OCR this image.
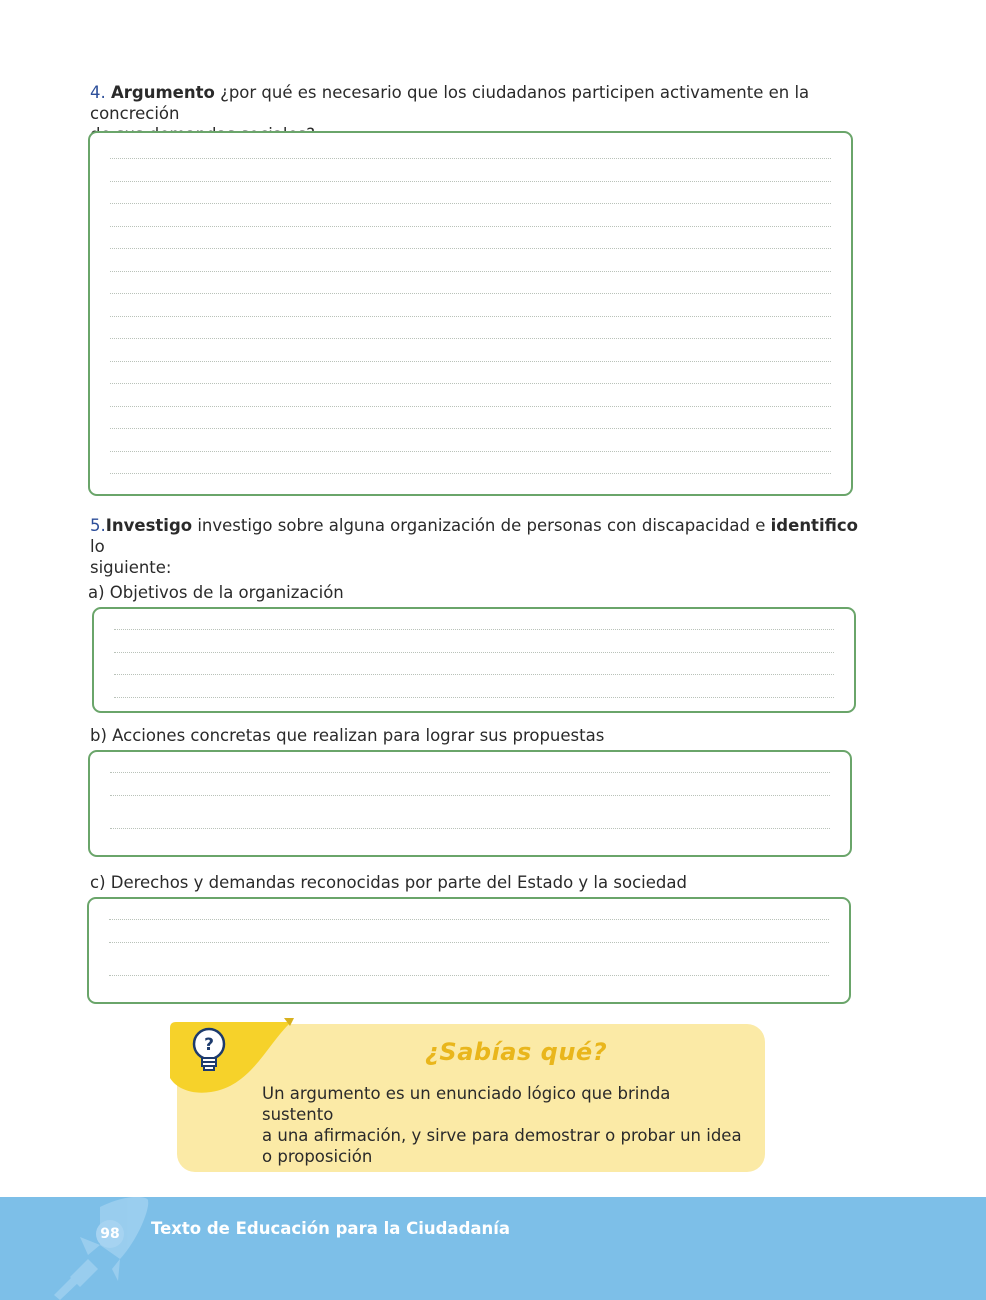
4. Argumento ¿por qué es necesario que los ciudadanos participen activamente en la concreción

5.Investigo investigo sobre alguna organización de personas con discapacidad e identifico lo
siguiente:
a) Objetivos de la organización
b) Acciones concretas que realizan para lograr sus propuestas
c) Derechos y demandas reconocidas por parte del Estado y la sociedad
?	¿Sabías qué?
Un argumento es un enunciado lógico que brinda sustento
a una afirmación, y sirve para demostrar o probar un idea
o proposición
98 Texto de Educación para la Ciudadanía
